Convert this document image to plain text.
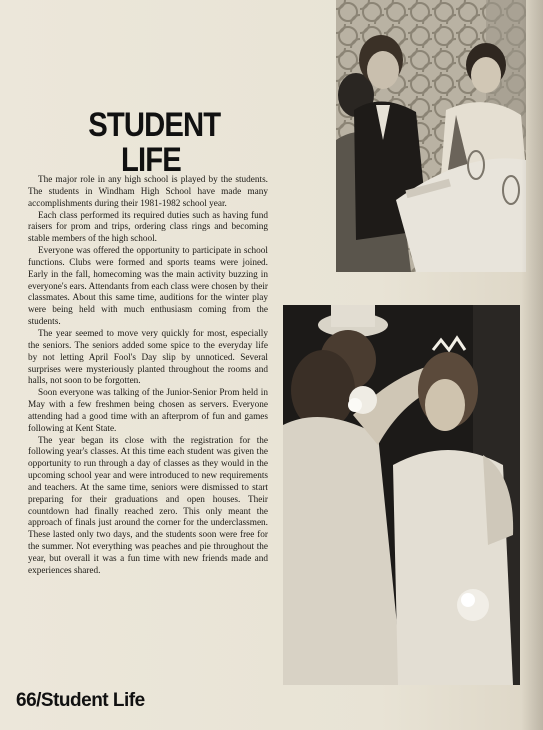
STUDENT
LIFE

The major role in any high school is played by the students. The students in Windham High School have made many accomplishments during their 1981-1982 school year.

Each class performed its required duties such as having fund raisers for prom and trips, ordering class rings and becoming stable members of the high school.

Everyone was offered the opportunity to participate in school functions. Clubs were formed and sports teams were joined. Early in the fall, homecoming was the main activity buzzing in everyone's ears. Attendants from each class were chosen by their classmates. About this same time, auditions for the winter play were being held with much enthusiasm coming from the students.

The year seemed to move very quickly for most, especially the seniors. The seniors added some spice to the everyday life by not letting April Fool's Day slip by unnoticed. Several surprises were mysteriously planted throughout the rooms and halls, not soon to be forgotten.

Soon everyone was talking of the Junior-Senior Prom held in May with a few freshmen being chosen as servers. Everyone attending had a good time with an afterprom of fun and games following at Kent State.

The year began its close with the registration for the following year's classes. At this time each student was given the opportunity to run through a day of classes as they would in the upcoming school year and were introduced to new requirements and teachers. At the same time, seniors were dismissed to start preparing for their graduations and open houses. Their countdown had finally reached zero. This only meant the approach of finals just around the corner for the underclassmen. These lasted only two days, and the students soon were free for the summer. Not everything was peaches and pie throughout the year, but overall it was a fun time with new friends made and experiences shared.

66/Student Life
